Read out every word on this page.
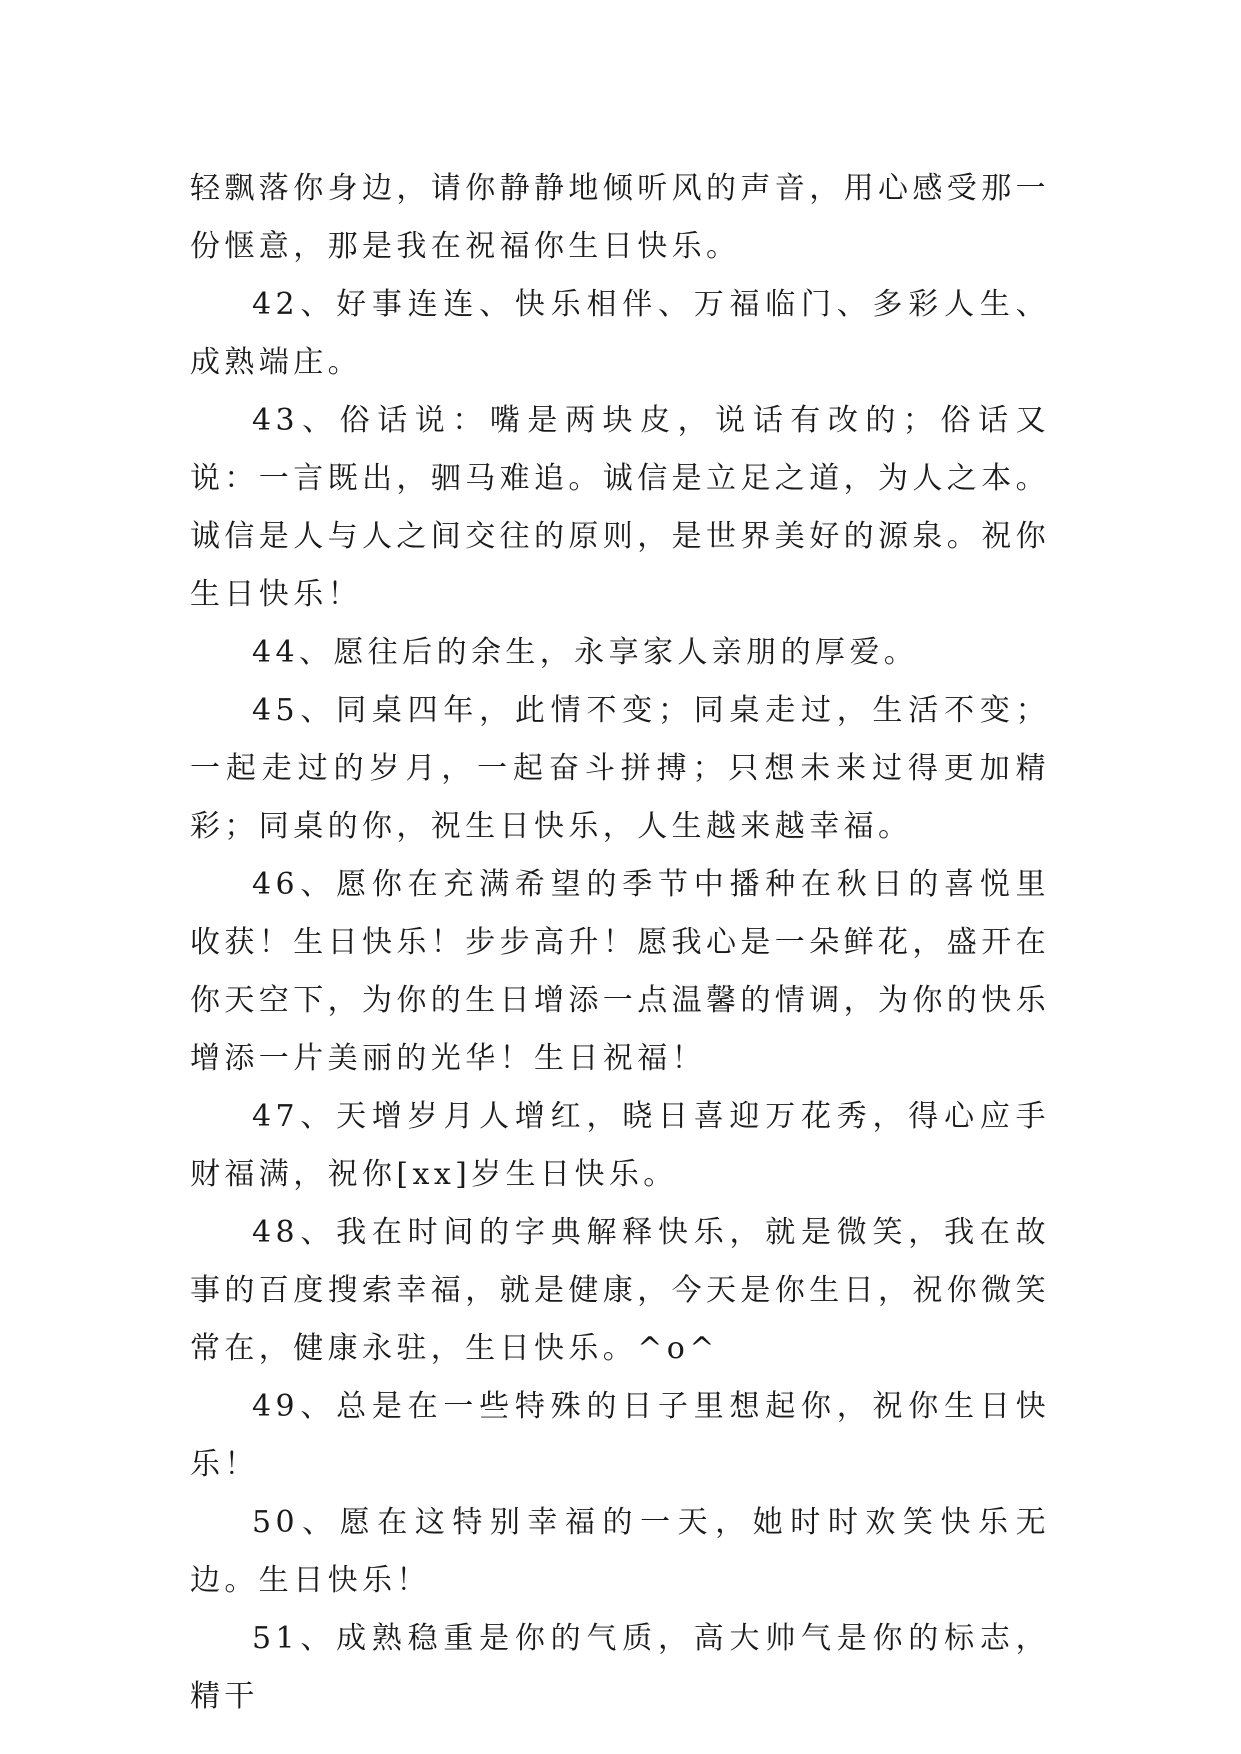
轻飘落你身边，请你静静地倾听风的声音，用心感受那一份惬意，那是我在祝福你生日快乐。

42、好事连连、快乐相伴、万福临门、多彩人生、成熟端庄。

43、俗话说：嘴是两块皮，说话有改的；俗话又说：一言既出，驷马难追。诚信是立足之道，为人之本。诚信是人与人之间交往的原则，是世界美好的源泉。祝你生日快乐！

44、愿往后的余生，永享家人亲朋的厚爱。

45、同桌四年，此情不变；同桌走过，生活不变；一起走过的岁月，一起奋斗拼搏；只想未来过得更加精彩；同桌的你，祝生日快乐，人生越来越幸福。

46、愿你在充满希望的季节中播种在秋日的喜悦里收获！生日快乐！步步高升！愿我心是一朵鲜花，盛开在你天空下，为你的生日增添一点温馨的情调，为你的快乐增添一片美丽的光华！生日祝福！

47、天增岁月人增红，晓日喜迎万花秀，得心应手财福满，祝你[xx]岁生日快乐。

48、我在时间的字典解释快乐，就是微笑，我在故事的百度搜索幸福，就是健康，今天是你生日，祝你微笑常在，健康永驻，生日快乐。^o^

49、总是在一些特殊的日子里想起你，祝你生日快乐！

50、愿在这特别幸福的一天，她时时欢笑快乐无边。生日快乐！

51、成熟稳重是你的气质，高大帅气是你的标志，精干
